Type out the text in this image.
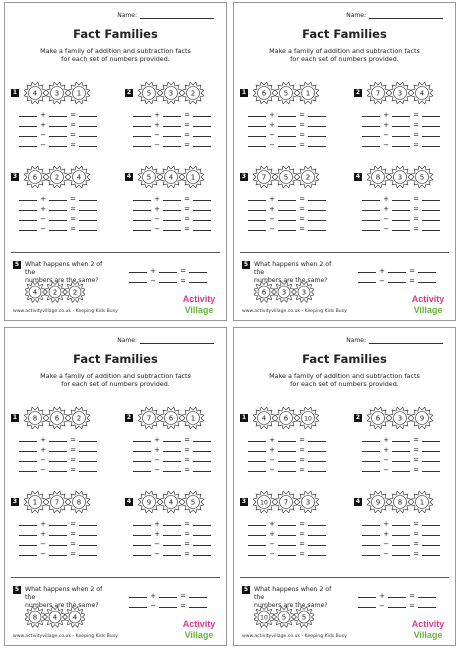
Name:
Fact Families
Make a family of addition and subtraction facts
for each set of numbers provided.
1 4	3	1
+	=
+	=
−	=
−	=
2 5	3	2
+	=
+	=
−	=
−	=
3 6	2	4
+	=
+	=
−	=
−	=
4 5	4	1
+	=
+	=
−	=
−	=
5 What happens when 2 of the
numbers are the same?
4 2 2
+	=
−	=
www.activityvillage.co.uk - Keeping Kids Busy
Activity
Village
Name:
Fact Families
Make a family of addition and subtraction facts
for each set of numbers provided.
1 6	5	1
+	=
+	=
−	=
−	=
2 7	3	4
+	=
+	=
−	=
−	=
3 7	5	2
+	=
+	=
−	=
−	=
4 8	3	5
+	=
+	=
−	=
−	=
5 What happens when 2 of the
numbers are the same?
6 3 3
+	=
−	=
www.activityvillage.co.uk - Keeping Kids Busy
Activity
Village
Name:
Fact Families
Make a family of addition and subtraction facts
for each set of numbers provided.
1 8	6	2
+	=
+	=
−	=
−	=
2 7	6	1
+	=
+	=
−	=
−	=
3 1	7	8
+	=
+	=
−	=
−	=
4 9	4	5
+	=
+	=
−	=
−	=
5 What happens when 2 of the
numbers are the same?
8 4 4
+	=
−	=
www.activityvillage.co.uk - Keeping Kids Busy
Activity
Village
Name:
Fact Families
Make a family of addition and subtraction facts
for each set of numbers provided.
1 4	6	10
+	=
+	=
−	=
−	=
2 6	3	9
+	=
+	=
−	=
−	=
3	10 7	3
+	=
+	=
−	=
−	=
4 9	8	1
+	=
+	=
−	=
−	=
5 What happens when 2 of the
numbers are the same?
10 5 5
+	=
−	=
www.activityvillage.co.uk - Keeping Kids Busy
Activity
Village
